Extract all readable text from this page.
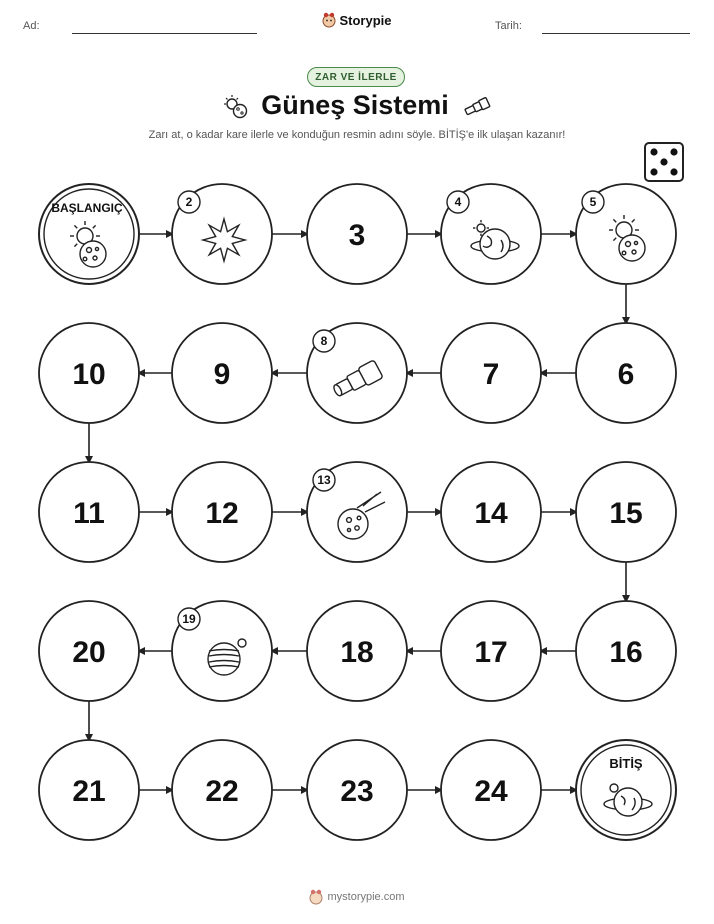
Ad:	Storypie	Tarih:
ZAR VE İLERLE
Güneş Sistemi
Zarı at, o kadar kare ilerle ve konduğun resmin adını söyle. BİTİŞ'e ilk ulaşan kazanır!
BAŞLANGIÇ	2
3
4	5
6
7
8
9
10
11	12
13
14	15
16
17
18
19
20
21	22	23	24
BİTİŞ
mystorypie.com
